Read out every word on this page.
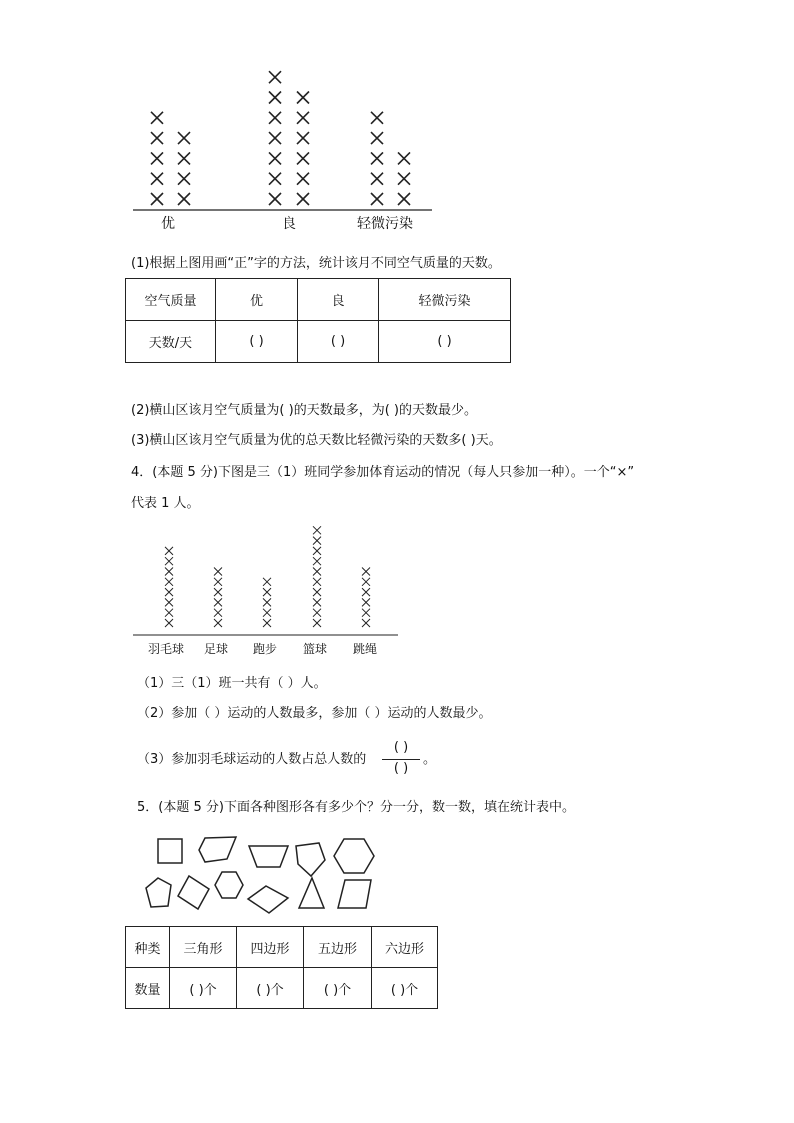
优	良	轻微污染
(1)根据上图用画“正”字的方法，统计该月不同空气质量的天数。
空气质量	优	良	轻微污染
天数/天	( )	( )	( )
(2)横山区该月空气质量为( )的天数最多，为( )的天数最少。
(3)横山区该月空气质量为优的总天数比轻微污染的天数多( )天。
4．(本题 5 分)下图是三（1）班同学参加体育运动的情况（每人只参加一种）。一个“×”
代表 1 人。
羽毛球 足球 跑步 篮球 跳绳
（1）三（1）班一共有（ ）人。
（2）参加（ ）运动的人数最多，参加（ ）运动的人数最少。
（3）参加羽毛球运动的人数占总人数的
( )
( )
。
5．(本题 5 分)下面各种图形各有多少个？分一分，数一数，填在统计表中。
种类	三角形	四边形	五边形	六边形
数量	( )个	( )个	( )个	( )个
